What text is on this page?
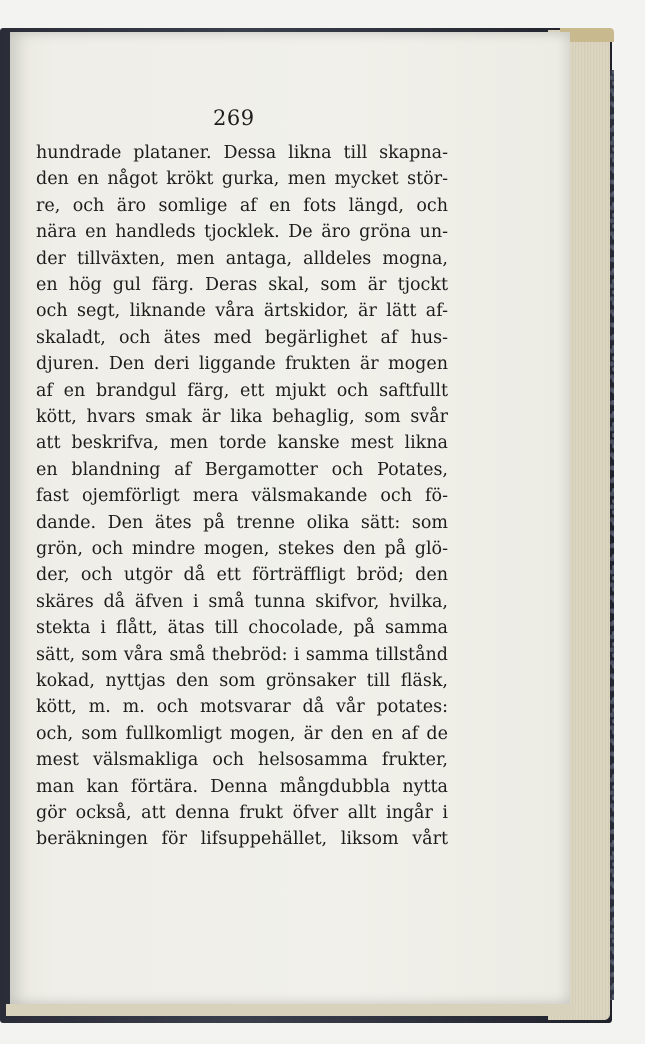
269
hundrade plataner. Dessa likna till skapna-
den en något krökt gurka, men mycket stör-
re, och äro somlige af en fots längd, och
nära en handleds tjocklek. De äro gröna un-
der tillväxten, men antaga, alldeles mogna,
en hög gul färg. Deras skal, som är tjockt
och segt, liknande våra ärtskidor, är lätt af-
skaladt, och ätes med begärlighet af hus-
djuren. Den deri liggande frukten är mogen
af en brandgul färg, ett mjukt och saftfullt
kött, hvars smak är lika behaglig, som svår
att beskrifva, men torde kanske mest likna
en blandning af Bergamotter och Potates,
fast ojemförligt mera välsmakande och fö-
dande. Den ätes på trenne olika sätt: som
grön, och mindre mogen, stekes den på glö-
der, och utgör då ett förträffligt bröd; den
skäres då äfven i små tunna skifvor, hvilka,
stekta i flått, ätas till chocolade, på samma
sätt, som våra små thebröd: i samma tillstånd
kokad, nyttjas den som grönsaker till fläsk,
kött, m. m. och motsvarar då vår potates:
och, som fullkomligt mogen, är den en af de
mest välsmakliga och helsosamma frukter,
man kan förtära. Denna mångdubbla nytta
gör också, att denna frukt öfver allt ingår i
beräkningen för lifsuppehället, liksom vårt
